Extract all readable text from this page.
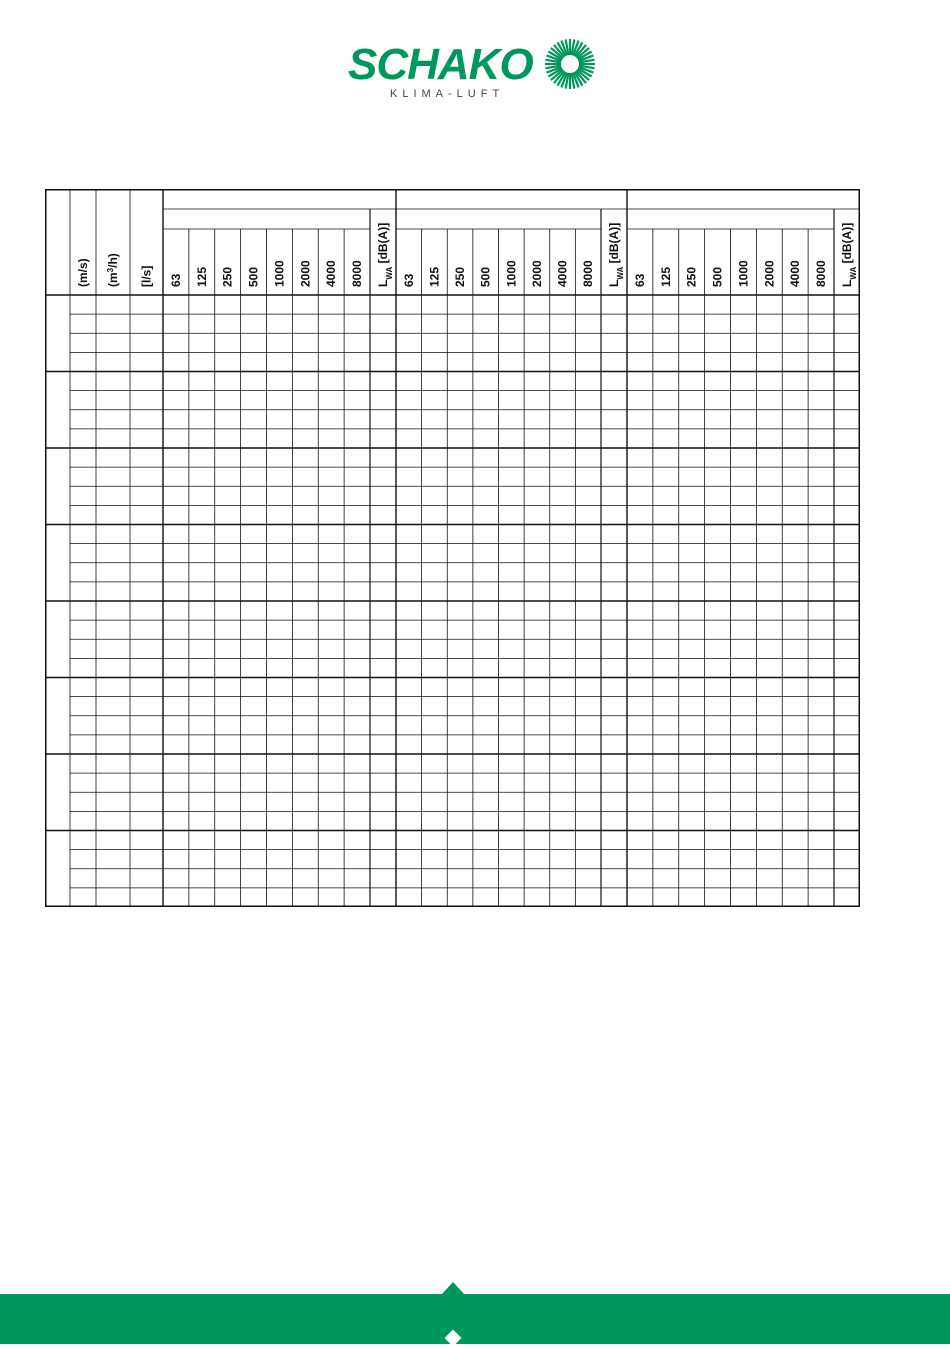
SCHAKO
KLIMA-LUFT
(m/s) $(m^3/h)$
[l/s] 63 125 250 500 1000 2000 4000 8000 $L_{WA}$ [dB(A)]
63 125 250 500 1000 2000 4000 8000 $L_{WA}$ [dB(A)]
63 125 250 500 1000 2000 4000 8000 $L_{WA}$ [dB(A)]
